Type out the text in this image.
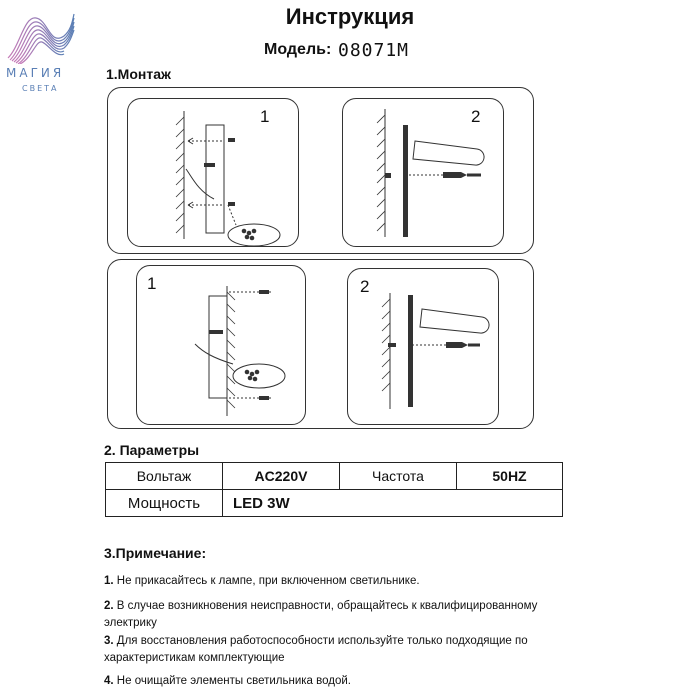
МАГИЯ
СВЕТА
Инструкция
Модель: 08071M
1.Монтаж
1	2
1	2
2. Параметры
Вольтаж	AC220V	Частота	50HZ
Мощность	LED 3W		
3.Примечание:
1. Не прикасайтесь к лампе, при включенном светильнике.
2. В случае возникновения неисправности, обращайтесь к квалифицированному электрику
3. Для восстановления работоспособности используйте только подходящие по характеристикам комплектующие
4. Не очищайте элементы светильника водой.
